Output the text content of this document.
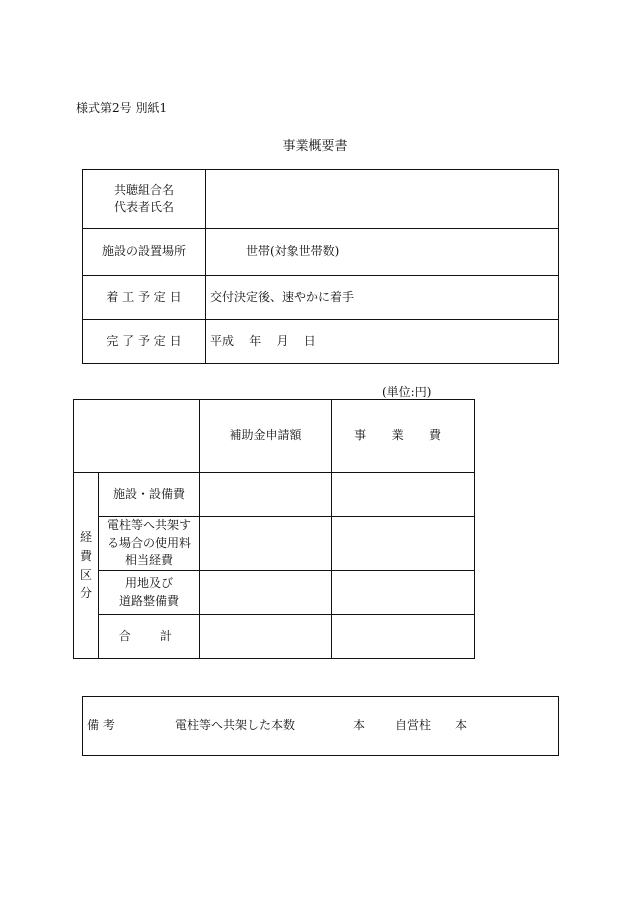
様式第2号 別紙1
事業概要書
共聴組合名
代表者氏名	

施設の設置場所	世帯(対象世帯数)
着 工 予 定 日	交付決定後、速やかに着手
完 了 予 定 日	平成    年    月    日
(単位:円)
		補助金申請額	事 業 費

経
費
区
分	施設・設備費		

	電柱等へ共架す
る場合の使用料
相当経費		

	用地及び
道路整備費		

	合  計		
備 考	電柱等へ共架した本数	本	自営柱 本
